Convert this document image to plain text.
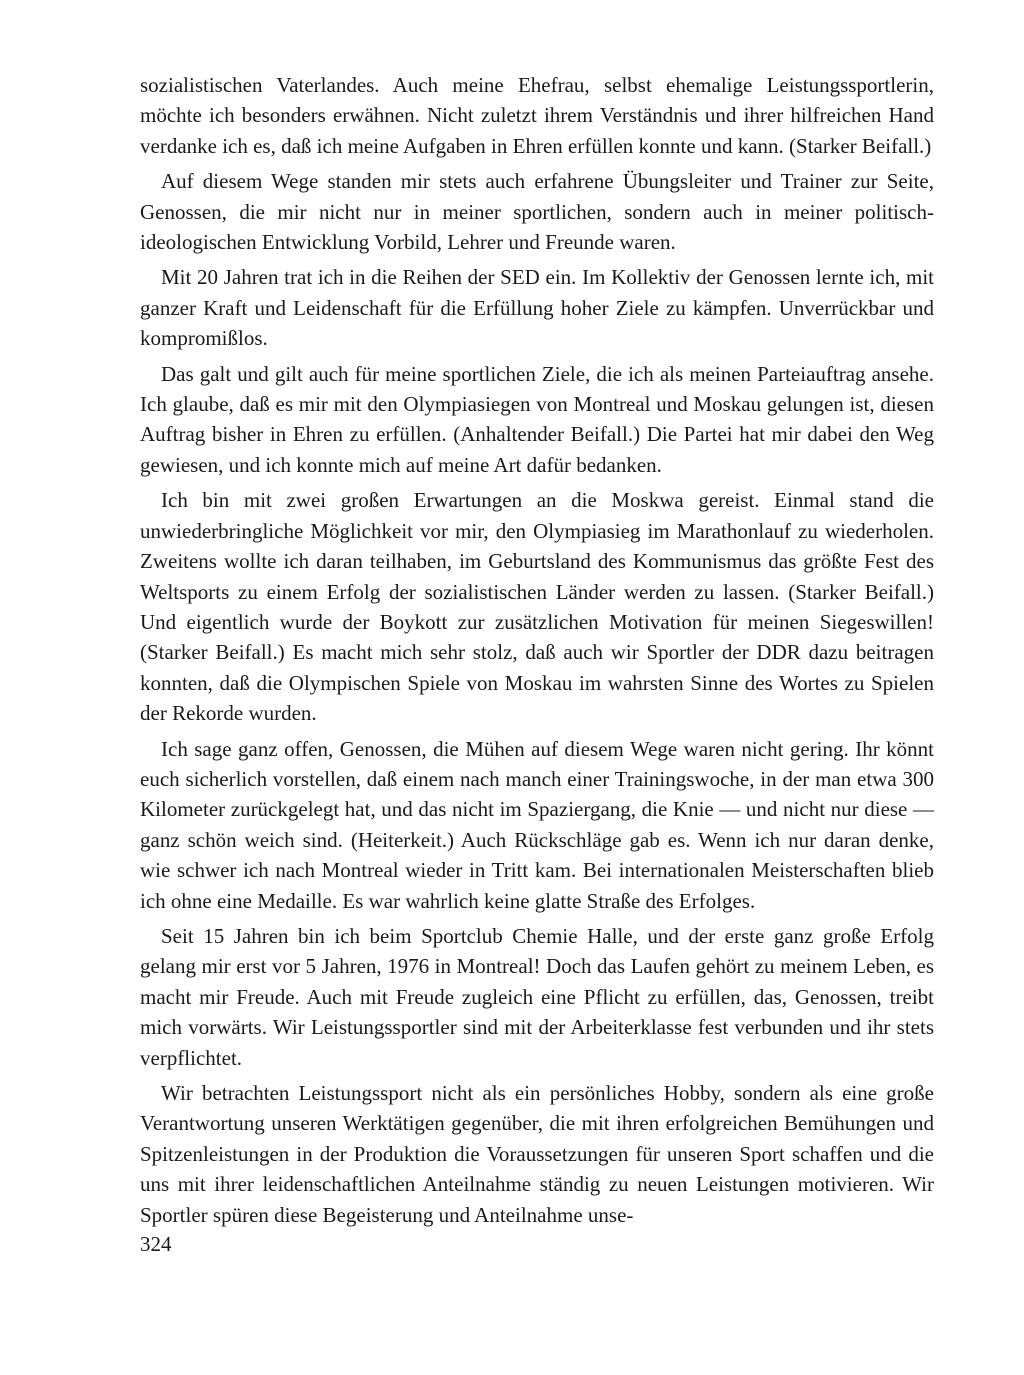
sozialistischen Vaterlandes. Auch meine Ehefrau, selbst ehemalige Leistungssportlerin, möchte ich besonders erwähnen. Nicht zuletzt ihrem Verständnis und ihrer hilfreichen Hand verdanke ich es, daß ich meine Aufgaben in Ehren erfüllen konnte und kann. (Starker Beifall.)

Auf diesem Wege standen mir stets auch erfahrene Übungsleiter und Trainer zur Seite, Genossen, die mir nicht nur in meiner sportlichen, sondern auch in meiner politisch-ideologischen Entwicklung Vorbild, Lehrer und Freunde waren.

Mit 20 Jahren trat ich in die Reihen der SED ein. Im Kollektiv der Genossen lernte ich, mit ganzer Kraft und Leidenschaft für die Erfüllung hoher Ziele zu kämpfen. Unverrückbar und kompromißlos.

Das galt und gilt auch für meine sportlichen Ziele, die ich als meinen Parteiauftrag ansehe. Ich glaube, daß es mir mit den Olympiasiegen von Montreal und Moskau gelungen ist, diesen Auftrag bisher in Ehren zu erfüllen. (Anhaltender Beifall.) Die Partei hat mir dabei den Weg gewiesen, und ich konnte mich auf meine Art dafür bedanken.

Ich bin mit zwei großen Erwartungen an die Moskwa gereist. Einmal stand die unwiederbringliche Möglichkeit vor mir, den Olympiasieg im Marathonlauf zu wiederholen. Zweitens wollte ich daran teilhaben, im Geburtsland des Kommunismus das größte Fest des Weltsports zu einem Erfolg der sozialistischen Länder werden zu lassen. (Starker Beifall.) Und eigentlich wurde der Boykott zur zusätzlichen Motivation für meinen Siegeswillen! (Starker Beifall.) Es macht mich sehr stolz, daß auch wir Sportler der DDR dazu beitragen konnten, daß die Olympischen Spiele von Moskau im wahrsten Sinne des Wortes zu Spielen der Rekorde wurden.

Ich sage ganz offen, Genossen, die Mühen auf diesem Wege waren nicht gering. Ihr könnt euch sicherlich vorstellen, daß einem nach manch einer Trainingswoche, in der man etwa 300 Kilometer zurückgelegt hat, und das nicht im Spaziergang, die Knie — und nicht nur diese — ganz schön weich sind. (Heiterkeit.) Auch Rückschläge gab es. Wenn ich nur daran denke, wie schwer ich nach Montreal wieder in Tritt kam. Bei internationalen Meisterschaften blieb ich ohne eine Medaille. Es war wahrlich keine glatte Straße des Erfolges.

Seit 15 Jahren bin ich beim Sportclub Chemie Halle, und der erste ganz große Erfolg gelang mir erst vor 5 Jahren, 1976 in Montreal! Doch das Laufen gehört zu meinem Leben, es macht mir Freude. Auch mit Freude zugleich eine Pflicht zu erfüllen, das, Genossen, treibt mich vorwärts. Wir Leistungssportler sind mit der Arbeiterklasse fest verbunden und ihr stets verpflichtet.

Wir betrachten Leistungssport nicht als ein persönliches Hobby, sondern als eine große Verantwortung unseren Werktätigen gegenüber, die mit ihren erfolgreichen Bemühungen und Spitzenleistungen in der Produktion die Voraussetzungen für unseren Sport schaffen und die uns mit ihrer leidenschaftlichen Anteilnahme ständig zu neuen Leistungen motivieren. Wir Sportler spüren diese Begeisterung und Anteilnahme unse-

324
